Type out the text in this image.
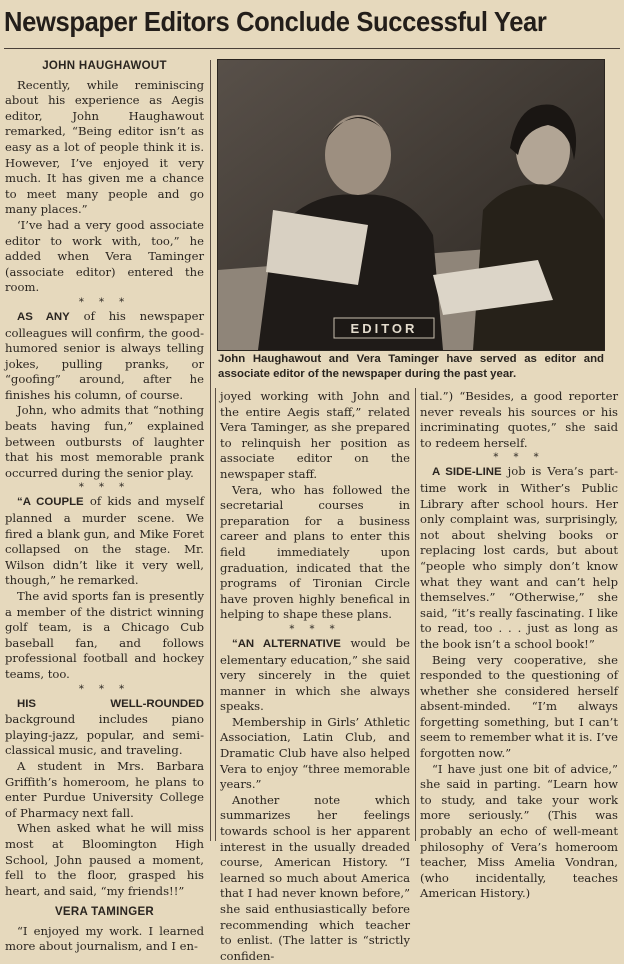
Newspaper Editors Conclude Successful Year
JOHN HAUGHAWOUT

Recently, while reminiscing about his experience as Aegis editor, John Haughawout remarked, “Being editor isn’t as easy as a lot of people think it is. However, I’ve enjoyed it very much. It has given me a chance to meet many people and go many places.”

‘I’ve had a very good associate editor to work with, too,” he added when Vera Taminger (associate editor) entered the room.

* * *

AS ANY of his newspaper colleagues will confirm, the good-humored senior is always telling jokes, pulling pranks, or “goofing” around, after he finishes his column, of course.

John, who admits that “nothing beats having fun,” explained between outbursts of laughter that his most memorable prank occurred during the senior play.

* * *

“A COUPLE of kids and myself planned a murder scene. We fired a blank gun, and Mike Foret collapsed on the stage. Mr. Wilson didn’t like it very well, though,” he remarked.

The avid sports fan is presently a member of the district winning golf team, is a Chicago Cub baseball fan, and follows professional football and hockey teams, too.

* * *

HIS WELL-ROUNDED background includes piano playing-jazz, popular, and semi-classical music, and traveling.

A student in Mrs. Barbara Griffith’s homeroom, he plans to enter Purdue University College of Pharmacy next fall.

When asked what he will miss most at Bloomington High School, John paused a moment, fell to the floor, grasped his heart, and said, “my friends!!”

VERA TAMINGER

“I enjoyed my work. I learned more about journalism, and I en-

EDITOR
John Haughawout and Vera Taminger have served as editor and associate editor of the newspaper during the past year.

joyed working with John and the entire Aegis staff,” related Vera Taminger, as she prepared to relinquish her position as associate editor on the newspaper staff.

Vera, who has followed the secretarial courses in preparation for a business career and plans to enter this field immediately upon graduation, indicated that the programs of Tironian Circle have proven highly benefical in helping to shape these plans.

* * *

“AN ALTERNATIVE would be elementary education,” she said very sincerely in the quiet manner in which she always speaks.

Membership in Girls’ Athletic Association, Latin Club, and Dramatic Club have also helped Vera to enjoy “three memorable years.”

Another note which summarizes her feelings towards school is her apparent interest in the usually dreaded course, American History. “I learned so much about America that I had never known before,” she said enthusiastically before recommending which teacher to enlist. (The latter is “strictly confiden-

tial.”) “Besides, a good reporter never reveals his sources or his incriminating quotes,” she said to redeem herself.

* * *

A SIDE-LINE job is Vera’s part-time work in Wither’s Public Library after school hours. Her only complaint was, surprisingly, not about shelving books or replacing lost cards, but about “people who simply don’t know what they want and can’t help themselves.” “Otherwise,” she said, “it’s really fascinating. I like to read, too . . . just as long as the book isn’t a school book!”

Being very cooperative, she responded to the questioning of whether she considered herself absent-minded. “I’m always forgetting something, but I can’t seem to remember what it is. I’ve forgotten now.”

“I have just one bit of advice,” she said in parting. “Learn how to study, and take your work more seriously.” (This was probably an echo of well-meant philosophy of Vera’s homeroom teacher, Miss Amelia Vondran, (who incidentally, teaches American History.)
